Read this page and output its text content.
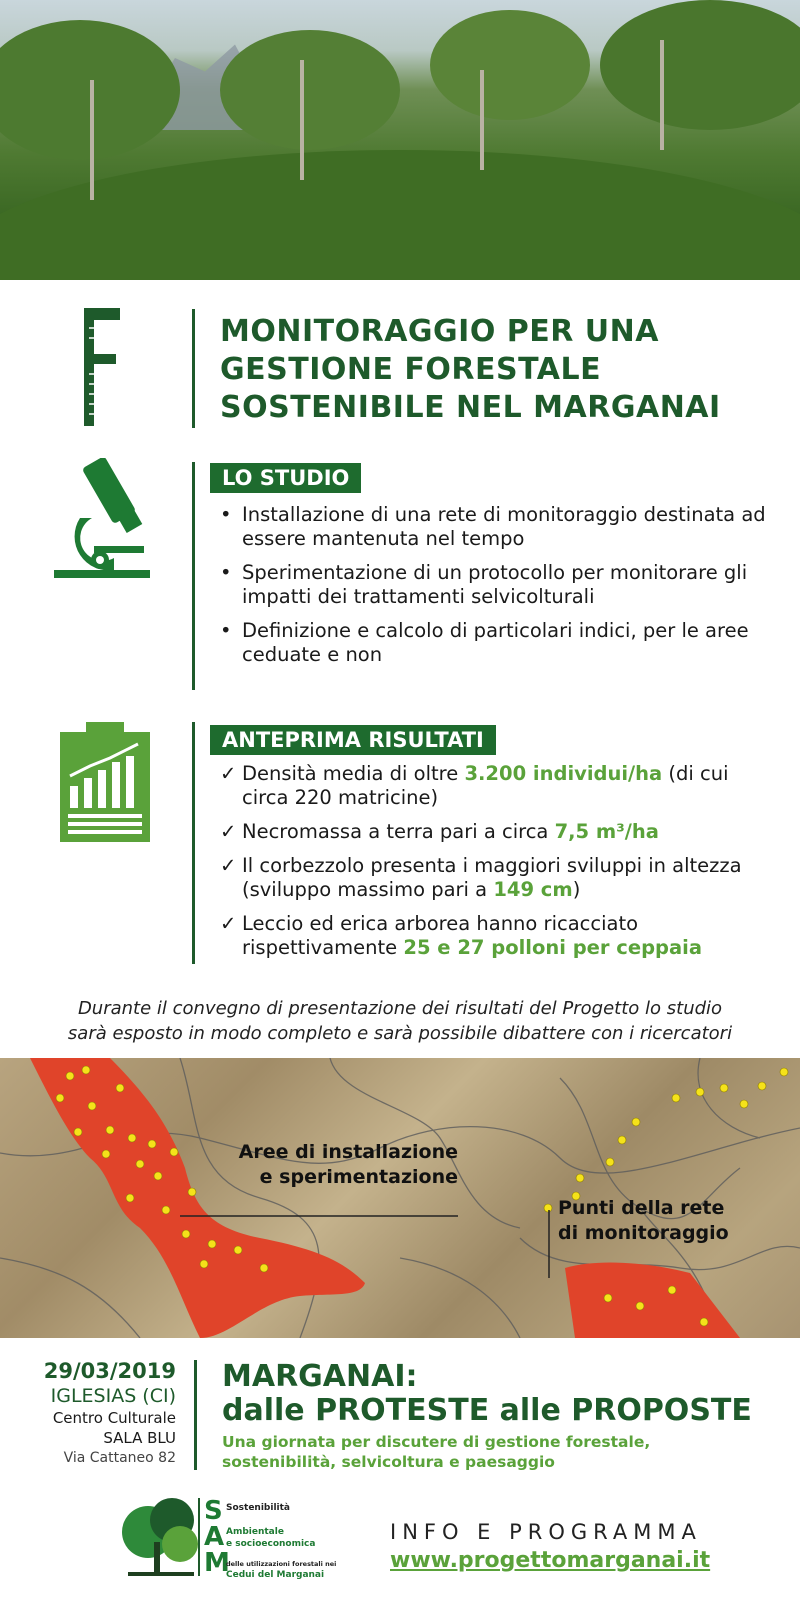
MONITORAGGIO PER UNA
GESTIONE FORESTALE
SOSTENIBILE NEL MARGANAI
LO STUDIO
• Installazione di una rete di monitoraggio destinata ad essere mantenuta nel tempo
• Sperimentazione di un protocollo per monitorare gli impatti dei trattamenti selvicolturali
• Definizione e calcolo di particolari indici, per le aree ceduate e non
ANTEPRIMA RISULTATI
✓ Densità media di oltre 3.200 individui/ha (di cui circa 220 matricine)
✓ Necromassa a terra pari a circa 7,5 m³/ha
✓ Il corbezzolo presenta i maggiori sviluppi in altezza (sviluppo massimo pari a 149 cm)
✓ Leccio ed erica arborea hanno ricacciato rispettivamente 25 e 27 polloni per ceppaia
Durante il convegno di presentazione dei risultati del Progetto lo studio
sarà esposto in modo completo e sarà possibile dibattere con i ricercatori
Aree di installazione
e sperimentazione
Punti della rete
di monitoraggio
29/03/2019
IGLESIAS (CI)
Centro Culturale
SALA BLU
Via Cattaneo 82
MARGANAI:
dalle PROTESTE alle PROPOSTE
Una giornata per discutere di gestione forestale,
sostenibilità, selvicoltura e paesaggio
S
A
M
Sostenibilità
Ambientale
e socioeconomica
delle utilizzazioni forestali nei
Cedui del Marganai
INFO E PROGRAMMA
www.progettomarganai.it
